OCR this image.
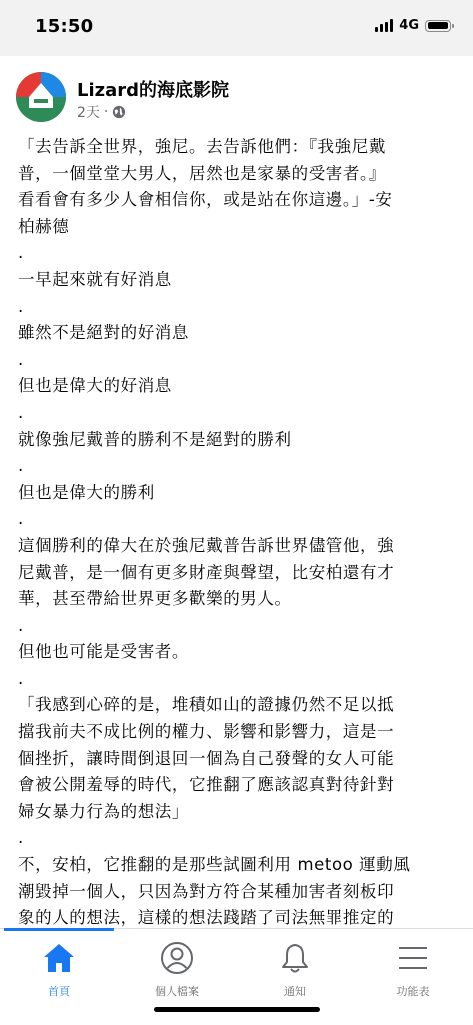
15:50	4G
Lizard的海底影院
2天 ·

「去告訴全世界，強尼。去告訴他們：『我強尼戴

普，一個堂堂大男人，居然也是家暴的受害者。』

看看會有多少人會相信你，或是站在你這邊。」-安

柏赫德

.

一早起來就有好消息

.

雖然不是絕對的好消息

.

但也是偉大的好消息

.

就像強尼戴普的勝利不是絕對的勝利

.

但也是偉大的勝利

.

這個勝利的偉大在於強尼戴普告訴世界儘管他，強

尼戴普，是一個有更多財產與聲望，比安柏還有才

華，甚至帶給世界更多歡樂的男人。

.

但他也可能是受害者。

.

「我感到心碎的是，堆積如山的證據仍然不足以抵

擋我前夫不成比例的權力、影響和影響力，這是一

個挫折，讓時間倒退回一個為自己發聲的女人可能

會被公開羞辱的時代，它推翻了應該認真對待針對

婦女暴力行為的想法」

.

不，安柏，它推翻的是那些試圖利用 metoo 運動風

潮毀掉一個人，只因為對方符合某種加害者刻板印

象的人的想法，這樣的想法踐踏了司法無罪推定的

首頁	個人檔案	通知	功能表
